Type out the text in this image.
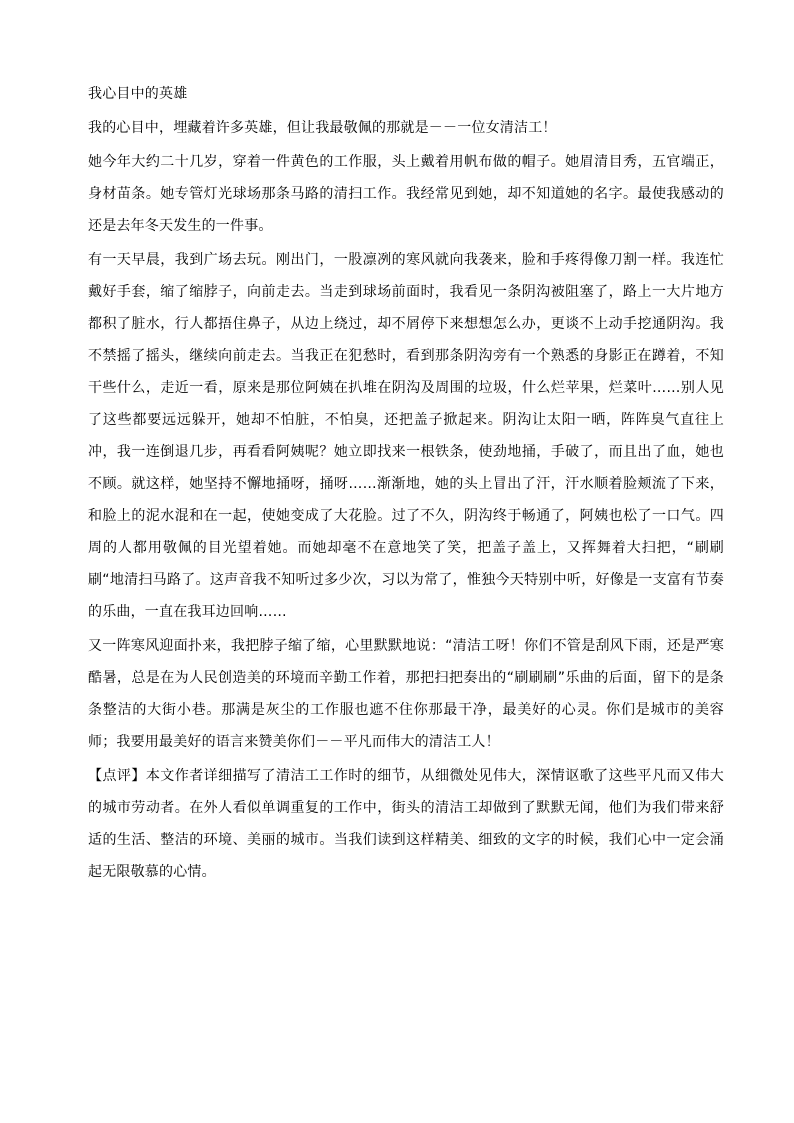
我心目中的英雄

我的心目中，埋藏着许多英雄，但让我最敬佩的那就是－－一位女清洁工！

她今年大约二十几岁，穿着一件黄色的工作服，头上戴着用帆布做的帽子。她眉清目秀，五官端正，身材苗条。她专管灯光球场那条马路的清扫工作。我经常见到她，却不知道她的名字。最使我感动的还是去年冬天发生的一件事。

有一天早晨，我到广场去玩。刚出门，一股凛冽的寒风就向我袭来，脸和手疼得像刀割一样。我连忙戴好手套，缩了缩脖子，向前走去。当走到球场前面时，我看见一条阴沟被阻塞了，路上一大片地方都积了脏水，行人都捂住鼻子，从边上绕过，却不屑停下来想想怎么办，更谈不上动手挖通阴沟。我不禁摇了摇头，继续向前走去。当我正在犯愁时，看到那条阴沟旁有一个熟悉的身影正在蹲着，不知干些什么，走近一看，原来是那位阿姨在扒堆在阴沟及周围的垃圾，什么烂苹果，烂菜叶……别人见了这些都要远远躲开，她却不怕脏，不怕臭，还把盖子掀起来。阴沟让太阳一晒，阵阵臭气直往上冲，我一连倒退几步，再看看阿姨呢？她立即找来一根铁条，使劲地捅，手破了，而且出了血，她也不顾。就这样，她坚持不懈地捅呀，捅呀……渐渐地，她的头上冒出了汗，汗水顺着脸颊流了下来，和脸上的泥水混和在一起，使她变成了大花脸。过了不久，阴沟终于畅通了，阿姨也松了一口气。四周的人都用敬佩的目光望着她。而她却毫不在意地笑了笑，把盖子盖上，又挥舞着大扫把，“刷刷刷“地清扫马路了。这声音我不知听过多少次，习以为常了，惟独今天特别中听，好像是一支富有节奏的乐曲，一直在我耳边回响……

又一阵寒风迎面扑来，我把脖子缩了缩，心里默默地说：“清洁工呀！你们不管是刮风下雨，还是严寒酷暑，总是在为人民创造美的环境而辛勤工作着，那把扫把奏出的“刷刷刷”乐曲的后面，留下的是条条整洁的大街小巷。那满是灰尘的工作服也遮不住你那最干净，最美好的心灵。你们是城市的美容师；我要用最美好的语言来赞美你们－－平凡而伟大的清洁工人！

【点评】本文作者详细描写了清洁工工作时的细节，从细微处见伟大，深情讴歌了这些平凡而又伟大的城市劳动者。在外人看似单调重复的工作中，街头的清洁工却做到了默默无闻，他们为我们带来舒适的生活、整洁的环境、美丽的城市。当我们读到这样精美、细致的文字的时候，我们心中一定会涌起无限敬慕的心情。
